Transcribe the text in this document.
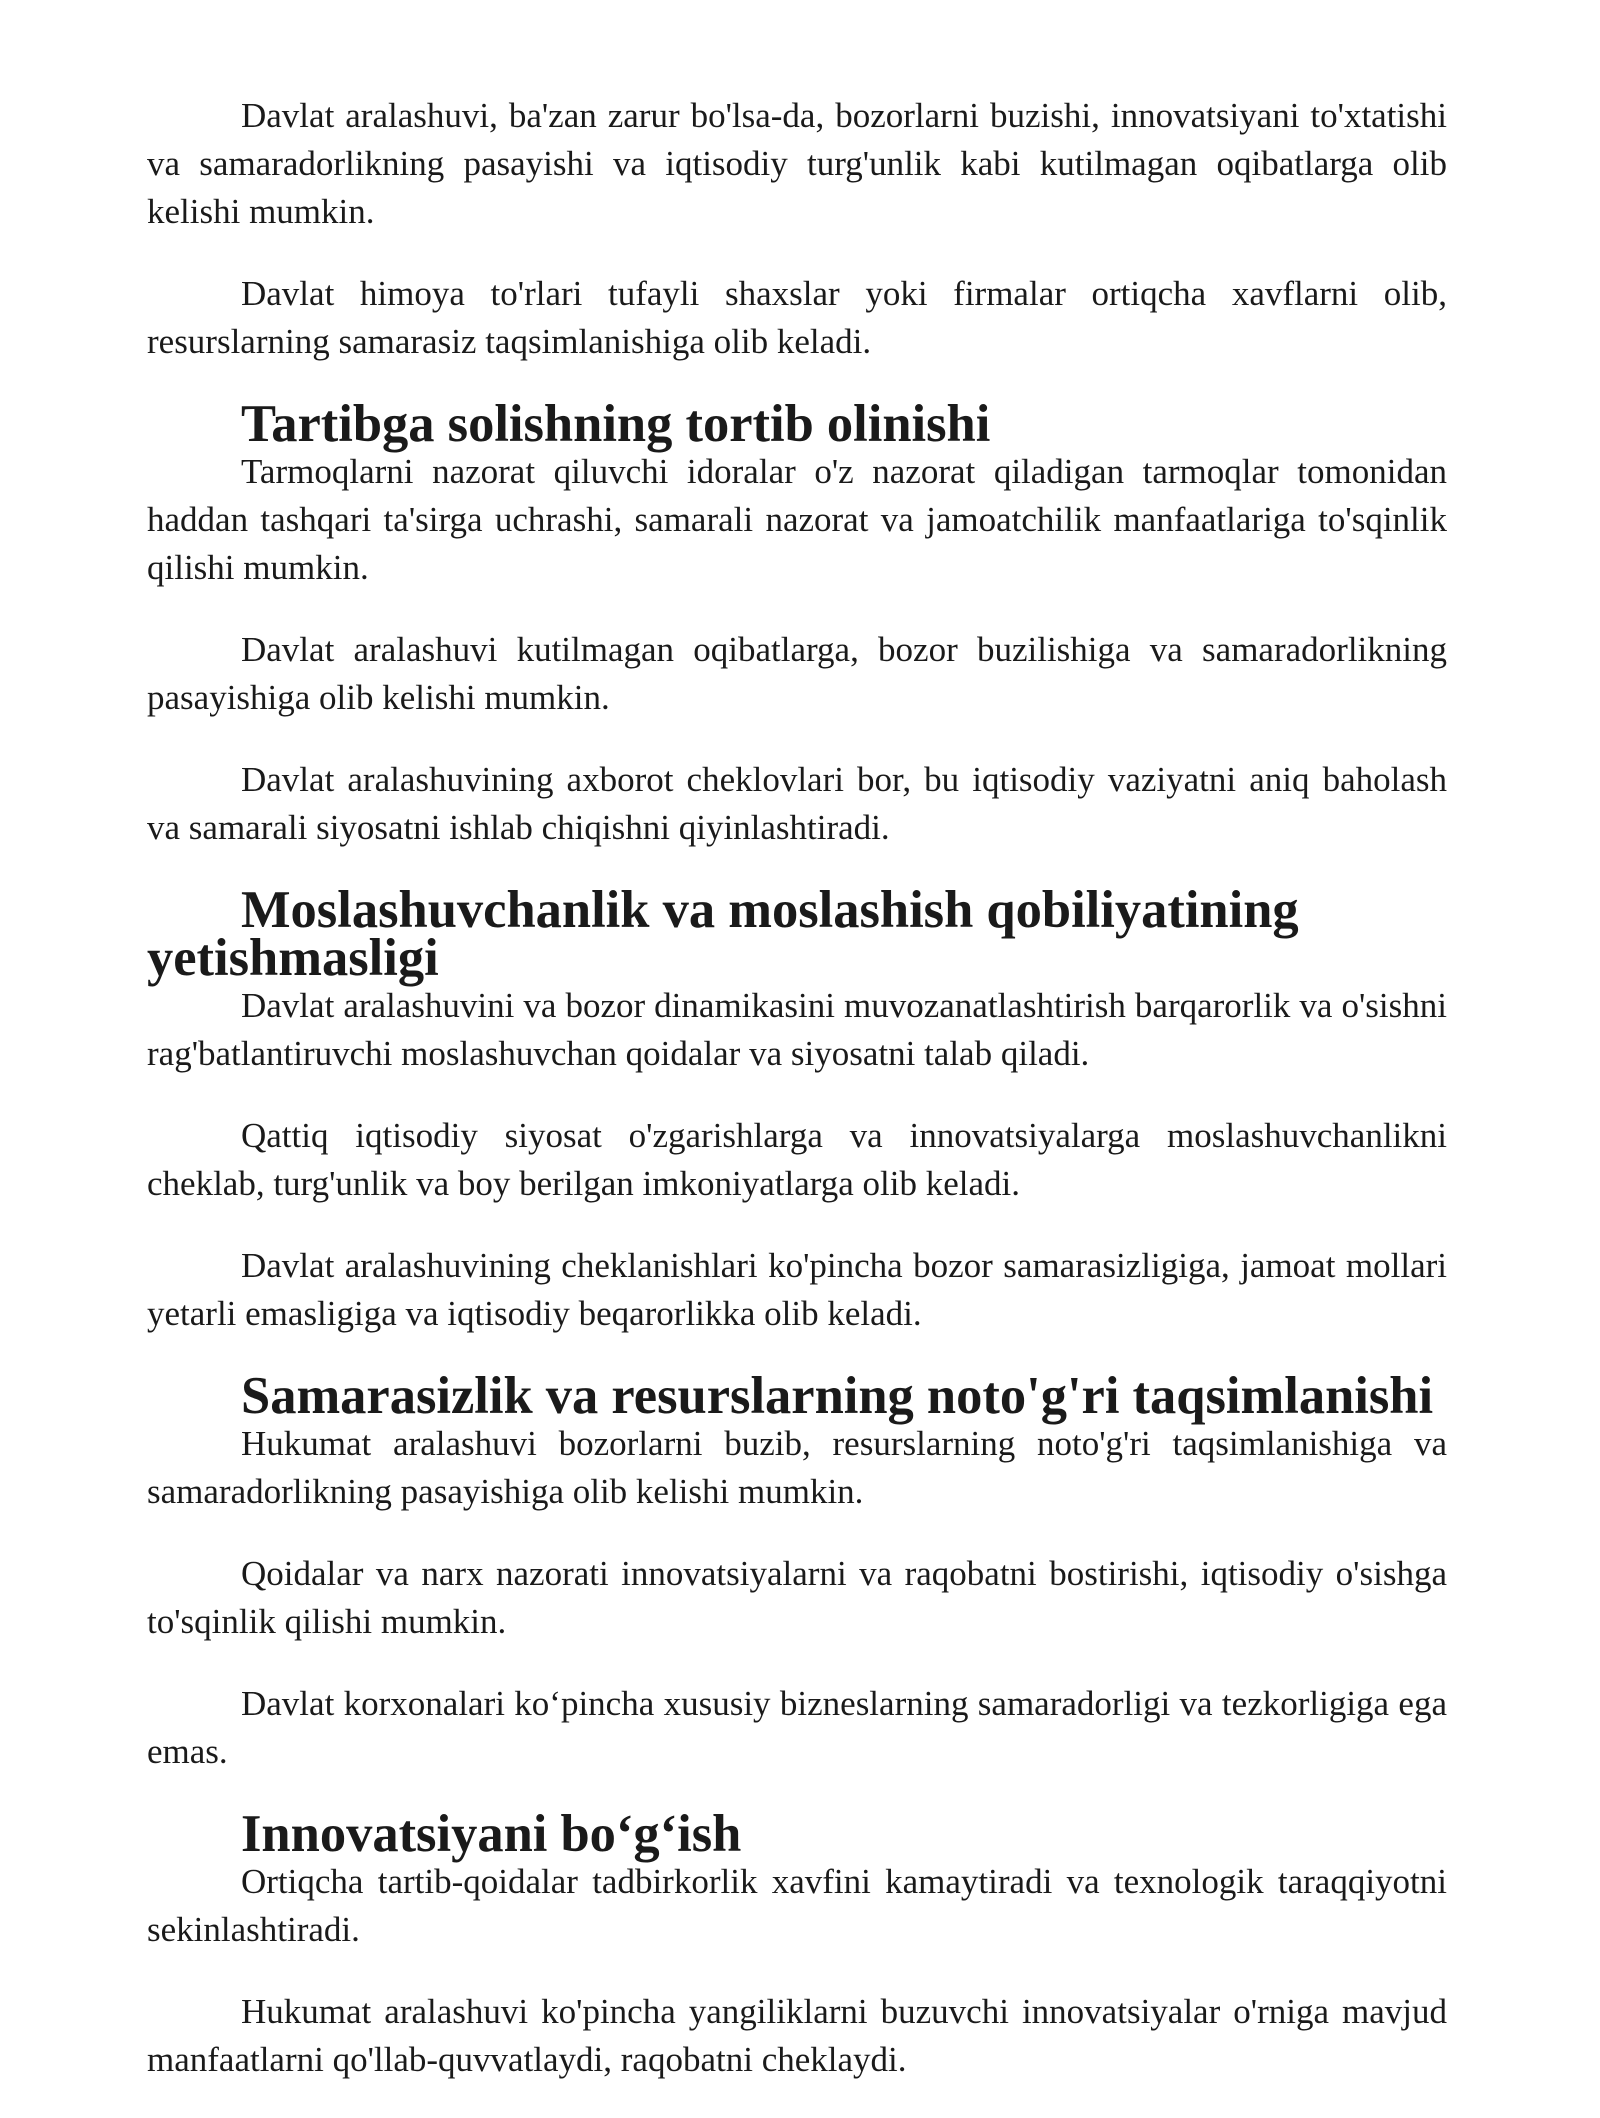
Davlat aralashuvi, ba'zan zarur bo'lsa-da, bozorlarni buzishi, innovatsiyani to'xtatishi va samaradorlikning pasayishi va iqtisodiy turg'unlik kabi kutilmagan oqibatlarga olib kelishi mumkin.

Davlat himoya to'rlari tufayli shaxslar yoki firmalar ortiqcha xavflarni olib, resurslarning samarasiz taqsimlanishiga olib keladi.

Tartibga solishning tortib olinishi

Tarmoqlarni nazorat qiluvchi idoralar o'z nazorat qiladigan tarmoqlar tomonidan haddan tashqari ta'sirga uchrashi, samarali nazorat va jamoatchilik manfaatlariga to'sqinlik qilishi mumkin.

Davlat aralashuvi kutilmagan oqibatlarga, bozor buzilishiga va samaradorlikning pasayishiga olib kelishi mumkin.

Davlat aralashuvining axborot cheklovlari bor, bu iqtisodiy vaziyatni aniq baholash va samarali siyosatni ishlab chiqishni qiyinlashtiradi.

Moslashuvchanlik va moslashish qobiliyatining yetishmasligi

Davlat aralashuvini va bozor dinamikasini muvozanatlashtirish barqarorlik va o'sishni rag'batlantiruvchi moslashuvchan qoidalar va siyosatni talab qiladi.

Qattiq iqtisodiy siyosat o'zgarishlarga va innovatsiyalarga moslashuvchanlikni cheklab, turg'unlik va boy berilgan imkoniyatlarga olib keladi.

Davlat aralashuvining cheklanishlari ko'pincha bozor samarasizligiga, jamoat mollari yetarli emasligiga va iqtisodiy beqarorlikka olib keladi.

Samarasizlik va resurslarning noto'g'ri taqsimlanishi

Hukumat aralashuvi bozorlarni buzib, resurslarning noto'g'ri taqsimlanishiga va samaradorlikning pasayishiga olib kelishi mumkin.

Qoidalar va narx nazorati innovatsiyalarni va raqobatni bostirishi, iqtisodiy o'sishga to'sqinlik qilishi mumkin.

Davlat korxonalari ko‘pincha xususiy bizneslarning samaradorligi va tezkorligiga ega emas.

Innovatsiyani bo‘g‘ish

Ortiqcha tartib-qoidalar tadbirkorlik xavfini kamaytiradi va texnologik taraqqiyotni sekinlashtiradi.

Hukumat aralashuvi ko'pincha yangiliklarni buzuvchi innovatsiyalar o'rniga mavjud manfaatlarni qo'llab-quvvatlaydi, raqobatni cheklaydi.
